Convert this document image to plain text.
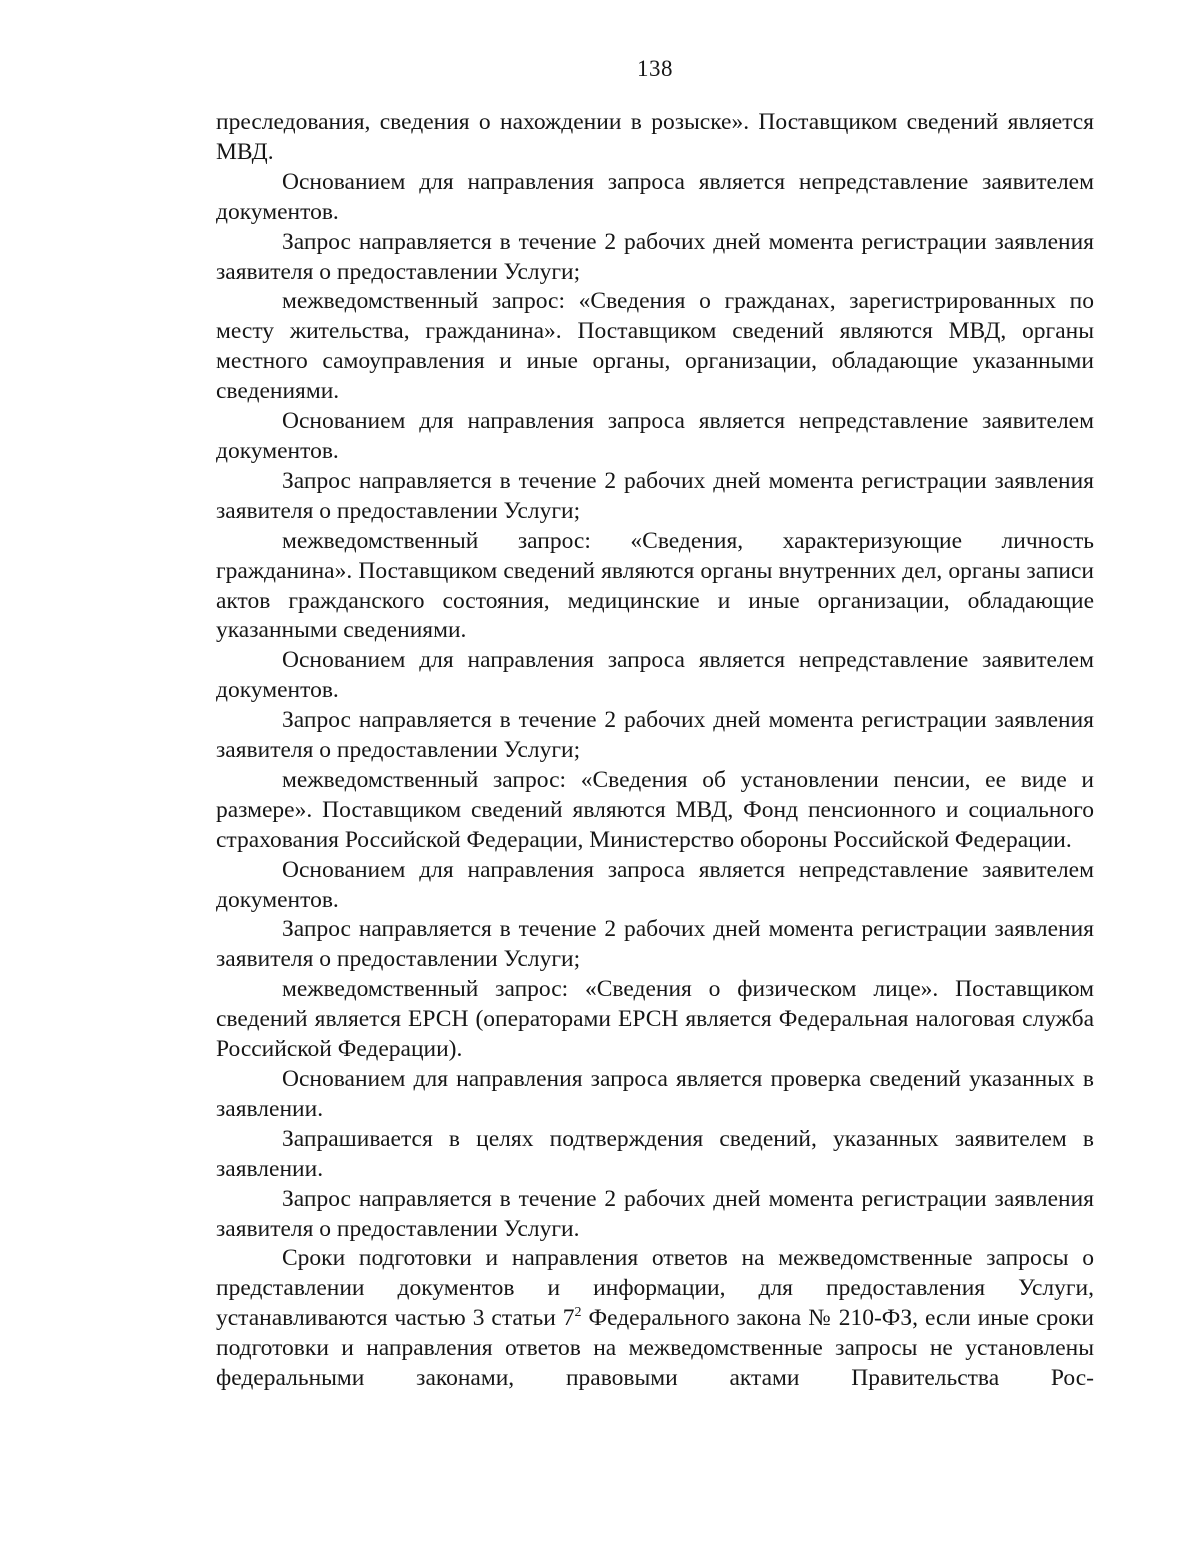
138

преследования, сведения о нахождении в розыске». Поставщиком сведений является МВД.

Основанием для направления запроса является непредставление заявителем документов.

Запрос направляется в течение 2 рабочих дней момента регистрации заявления заявителя о предоставлении Услуги;

межведомственный запрос: «Сведения о гражданах, зарегистрированных по месту жительства, гражданина». Поставщиком сведений являются МВД, органы местного самоуправления и иные органы, организации, обладающие указанными сведениями.

Основанием для направления запроса является непредставление заявителем документов.

Запрос направляется в течение 2 рабочих дней момента регистрации заявления заявителя о предоставлении Услуги;

межведомственный запрос: «Сведения, характеризующие личность гражданина». Поставщиком сведений являются органы внутренних дел, органы записи актов гражданского состояния, медицинские и иные организации, обладающие указанными сведениями.

Основанием для направления запроса является непредставление заявителем документов.

Запрос направляется в течение 2 рабочих дней момента регистрации заявления заявителя о предоставлении Услуги;

межведомственный запрос: «Сведения об установлении пенсии, ее виде и размере». Поставщиком сведений являются МВД, Фонд пенсионного и социального страхования Российской Федерации, Министерство обороны Российской Федерации.

Основанием для направления запроса является непредставление заявителем документов.

Запрос направляется в течение 2 рабочих дней момента регистрации заявления заявителя о предоставлении Услуги;

межведомственный запрос: «Сведения о физическом лице». Поставщиком сведений является ЕРСН (операторами ЕРСН является Федеральная налоговая служба Российской Федерации).

Основанием для направления запроса является проверка сведений указанных в заявлении.

Запрашивается в целях подтверждения сведений, указанных заявителем в заявлении.

Запрос направляется в течение 2 рабочих дней момента регистрации заявления заявителя о предоставлении Услуги.

Сроки подготовки и направления ответов на межведомственные запросы о представлении документов и информации, для предоставления Услуги, устанавливаются частью 3 статьи $7^2$ Федерального закона № 210-ФЗ, если иные сроки подготовки и направления ответов на межведомственные запросы не установлены федеральными законами, правовыми актами Правительства Рос-
